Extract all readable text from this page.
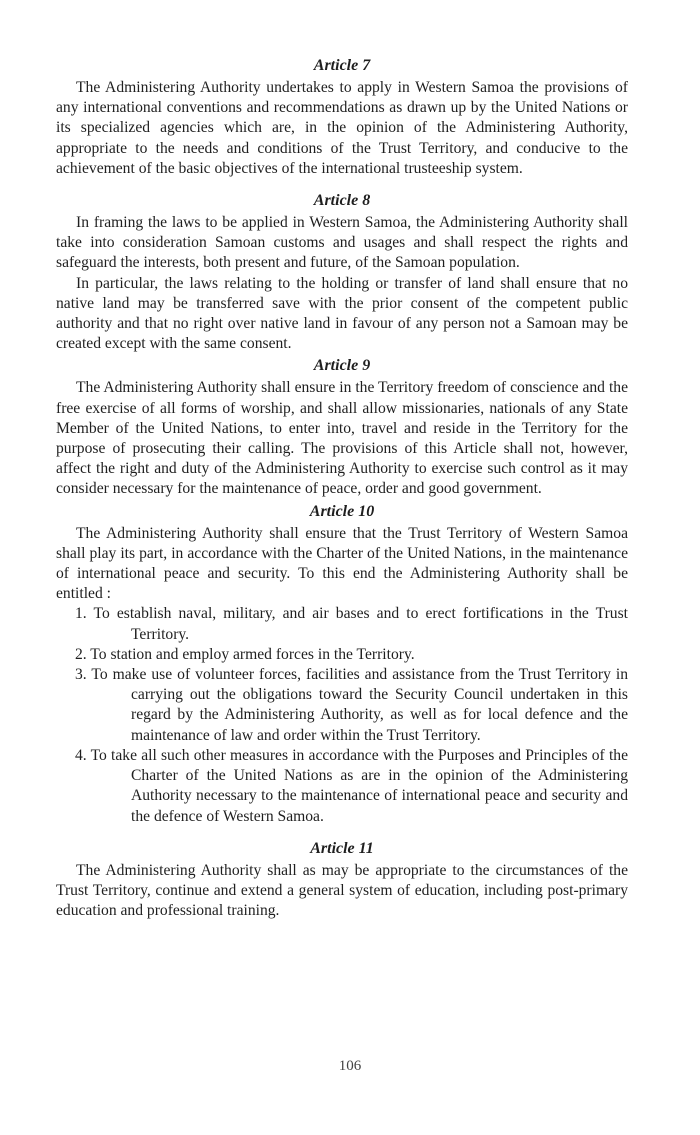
Article 7

The Administering Authority undertakes to apply in Western Samoa the provisions of any international conventions and recommendations as drawn up by the United Nations or its specialized agencies which are, in the opinion of the Administering Authority, appropriate to the needs and conditions of the Trust Territory, and conducive to the achievement of the basic objectives of the international trusteeship system.

Article 8

In framing the laws to be applied in Western Samoa, the Administering Authority shall take into consideration Samoan customs and usages and shall respect the rights and safeguard the interests, both present and future, of the Samoan population.

In particular, the laws relating to the holding or transfer of land shall ensure that no native land may be transferred save with the prior consent of the competent public authority and that no right over native land in favour of any person not a Samoan may be created except with the same consent.

Article 9

The Administering Authority shall ensure in the Territory freedom of conscience and the free exercise of all forms of worship, and shall allow missionaries, nationals of any State Member of the United Nations, to enter into, travel and reside in the Territory for the purpose of prosecuting their calling. The provisions of this Article shall not, however, affect the right and duty of the Administering Authority to exercise such control as it may consider necessary for the maintenance of peace, order and good government.

Article 10

The Administering Authority shall ensure that the Trust Territory of Western Samoa shall play its part, in accordance with the Charter of the United Nations, in the maintenance of international peace and security. To this end the Administering Authority shall be entitled :

1. To establish naval, military, and air bases and to erect fortifications in the Trust Territory.
2. To station and employ armed forces in the Territory.
3. To make use of volunteer forces, facilities and assistance from the Trust Territory in carrying out the obligations toward the Security Council undertaken in this regard by the Administering Authority, as well as for local defence and the maintenance of law and order within the Trust Territory.
4. To take all such other measures in accordance with the Purposes and Principles of the Charter of the United Nations as are in the opinion of the Administering Authority necessary to the maintenance of international peace and security and the defence of Western Samoa.
Article 11

The Administering Authority shall as may be appropriate to the circumstances of the Trust Territory, continue and extend a general system of education, including post-primary education and professional training.

106
